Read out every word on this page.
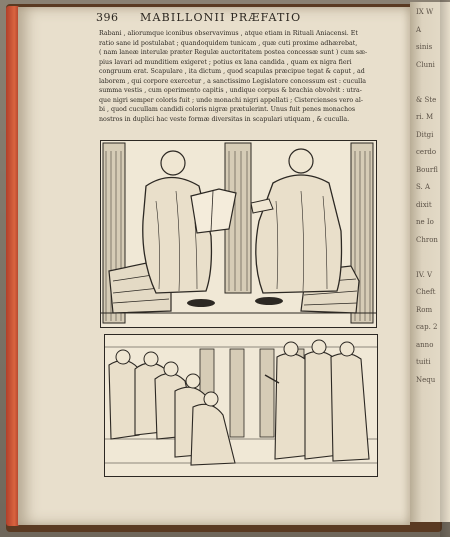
IX W
A
sinis
Cluni
& Ste
ri. M
Ditgi
cerdo
Bourfl
S. A
dixit
ne Io
Chron
IV. V
Cheft
Rom
cap. 2
anno
tuiti
Nequ
396 MABILLONII PRÆFATIO
Rabani , aliorumque iconibus observavimus , atque etiam in Rituali Aniacensi. Et
ratio sane id postulabat ; quandoquidem tunicam , quæ cuti proxime adhærebat,
( nam laneæ interulæ præter Regulæ auctoritatem postea concessæ sunt ) cum sæ-
pius lavari ad munditiem exigeret ; potius ex lana candida , quam ex nigra fieri
congruum erat. Scapulare , ita dictum , quod scapulas præcipue tegat & caput , ad
laborem , qui corpore exercetur , a sanctissimo Legislatore concessum est : cuculla
summa vestis , cum operimento capitis , undique corpus & brachia obvolvit : utra-
que nigri semper coloris fuit ; unde monachi nigri appellati ; Cistercienses vero al-
bi , quod cucullam candidi coloris nigræ prætulerint. Unus fuit penes monachos
nostros in duplici hac veste formæ diversitas in scapulari utiquam , & cuculla.
